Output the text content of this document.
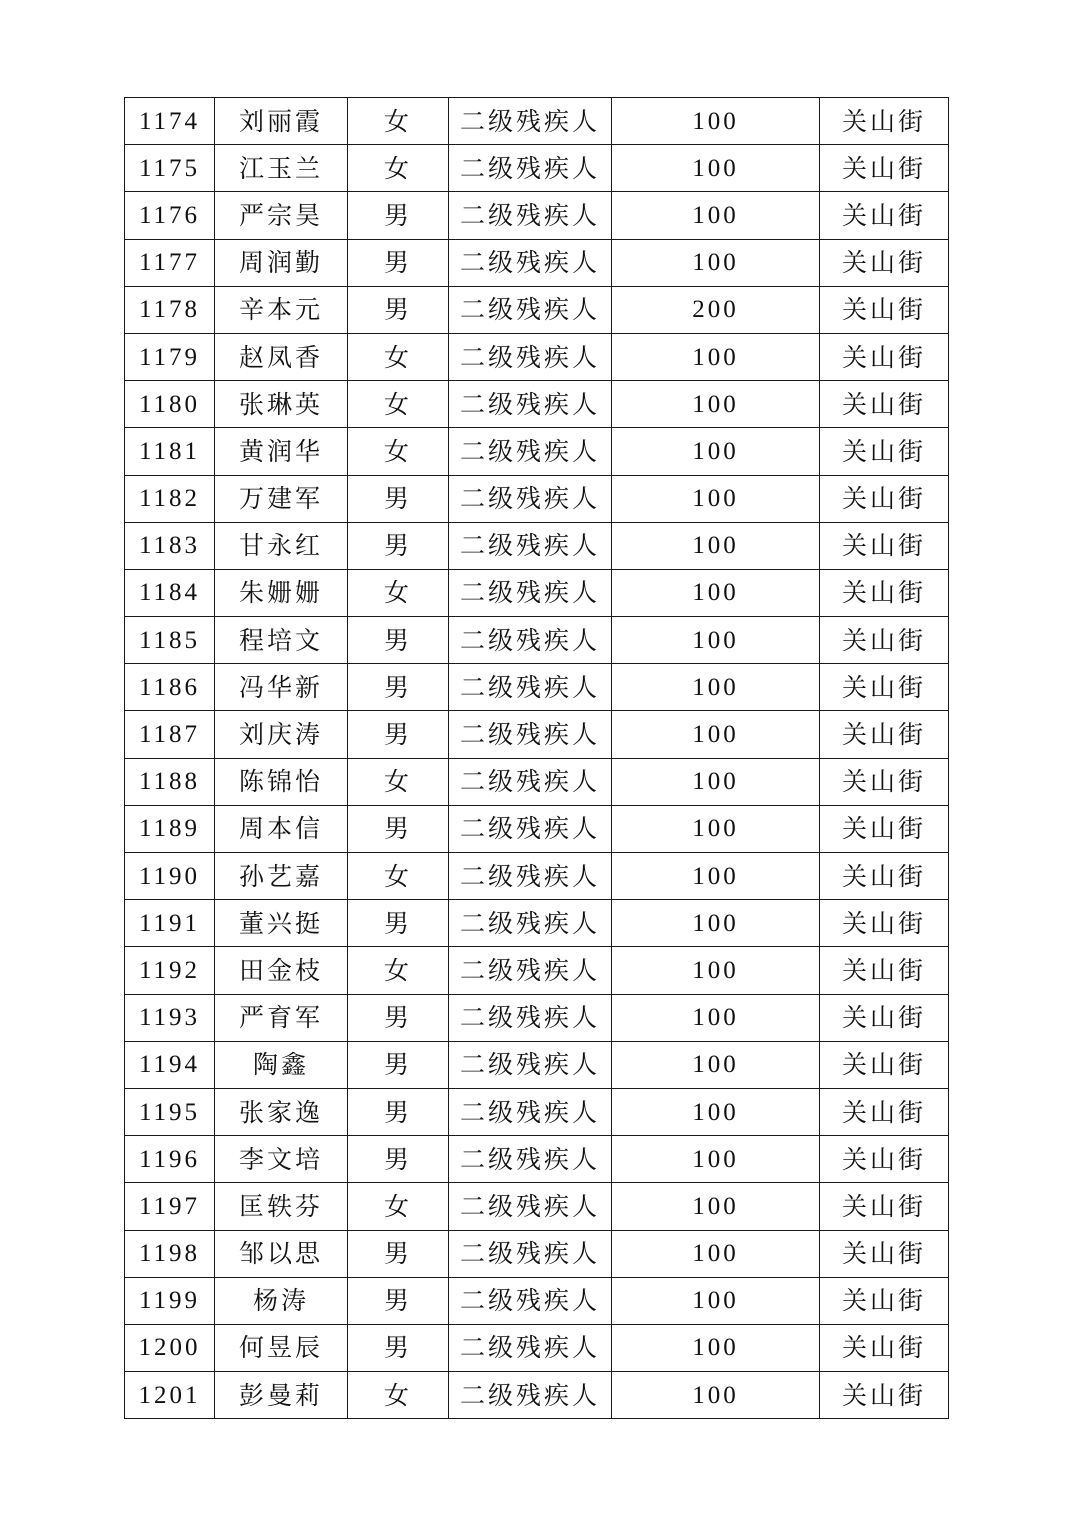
1174	刘丽霞	女	二级残疾人	100	关山街
1175	江玉兰	女	二级残疾人	100	关山街
1176	严宗昊	男	二级残疾人	100	关山街
1177	周润勤	男	二级残疾人	100	关山街
1178	辛本元	男	二级残疾人	200	关山街
1179	赵凤香	女	二级残疾人	100	关山街
1180	张琳英	女	二级残疾人	100	关山街
1181	黄润华	女	二级残疾人	100	关山街
1182	万建军	男	二级残疾人	100	关山街
1183	甘永红	男	二级残疾人	100	关山街
1184	朱姗姗	女	二级残疾人	100	关山街
1185	程培文	男	二级残疾人	100	关山街
1186	冯华新	男	二级残疾人	100	关山街
1187	刘庆涛	男	二级残疾人	100	关山街
1188	陈锦怡	女	二级残疾人	100	关山街
1189	周本信	男	二级残疾人	100	关山街
1190	孙艺嘉	女	二级残疾人	100	关山街
1191	董兴挺	男	二级残疾人	100	关山街
1192	田金枝	女	二级残疾人	100	关山街
1193	严育军	男	二级残疾人	100	关山街
1194	陶鑫	男	二级残疾人	100	关山街
1195	张家逸	男	二级残疾人	100	关山街
1196	李文培	男	二级残疾人	100	关山街
1197	匡轶芬	女	二级残疾人	100	关山街
1198	邹以思	男	二级残疾人	100	关山街
1199	杨涛	男	二级残疾人	100	关山街
1200	何昱辰	男	二级残疾人	100	关山街
1201	彭曼莉	女	二级残疾人	100	关山街
